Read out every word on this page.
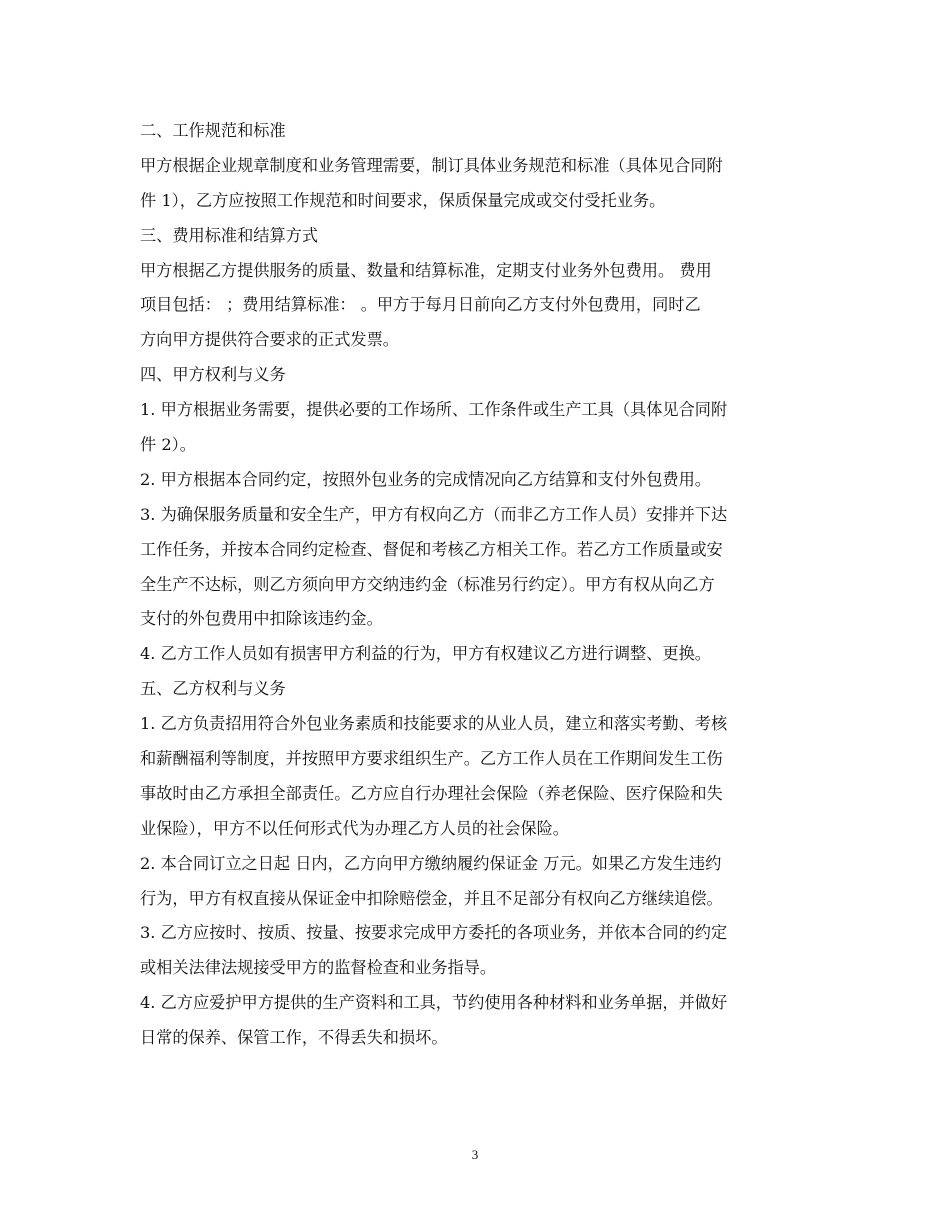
二、工作规范和标准
甲方根据企业规章制度和业务管理需要，制订具体业务规范和标准（具体见合同附
件 1），乙方应按照工作规范和时间要求，保质保量完成或交付受托业务。
三、费用标准和结算方式
甲方根据乙方提供服务的质量、数量和结算标准，定期支付业务外包费用。 费用
项目包括： ；费用结算标准： 。甲方于每月日前向乙方支付外包费用，同时乙
方向甲方提供符合要求的正式发票。
四、甲方权利与义务
1. 甲方根据业务需要，提供必要的工作场所、工作条件或生产工具（具体见合同附
件 2）。
2. 甲方根据本合同约定，按照外包业务的完成情况向乙方结算和支付外包费用。
3. 为确保服务质量和安全生产，甲方有权向乙方（而非乙方工作人员）安排并下达
工作任务，并按本合同约定检查、督促和考核乙方相关工作。若乙方工作质量或安
全生产不达标，则乙方须向甲方交纳违约金（标准另行约定）。甲方有权从向乙方
支付的外包费用中扣除该违约金。
4. 乙方工作人员如有损害甲方利益的行为，甲方有权建议乙方进行调整、更换。
五、乙方权利与义务
1. 乙方负责招用符合外包业务素质和技能要求的从业人员，建立和落实考勤、考核
和薪酬福利等制度，并按照甲方要求组织生产。乙方工作人员在工作期间发生工伤
事故时由乙方承担全部责任。乙方应自行办理社会保险（养老保险、医疗保险和失
业保险），甲方不以任何形式代为办理乙方人员的社会保险。
2. 本合同订立之日起 日内，乙方向甲方缴纳履约保证金 万元。如果乙方发生违约
行为，甲方有权直接从保证金中扣除赔偿金，并且不足部分有权向乙方继续追偿。
3. 乙方应按时、按质、按量、按要求完成甲方委托的各项业务，并依本合同的约定
或相关法律法规接受甲方的监督检查和业务指导。
4. 乙方应爱护甲方提供的生产资料和工具，节约使用各种材料和业务单据，并做好
日常的保养、保管工作，不得丢失和损坏。
3
